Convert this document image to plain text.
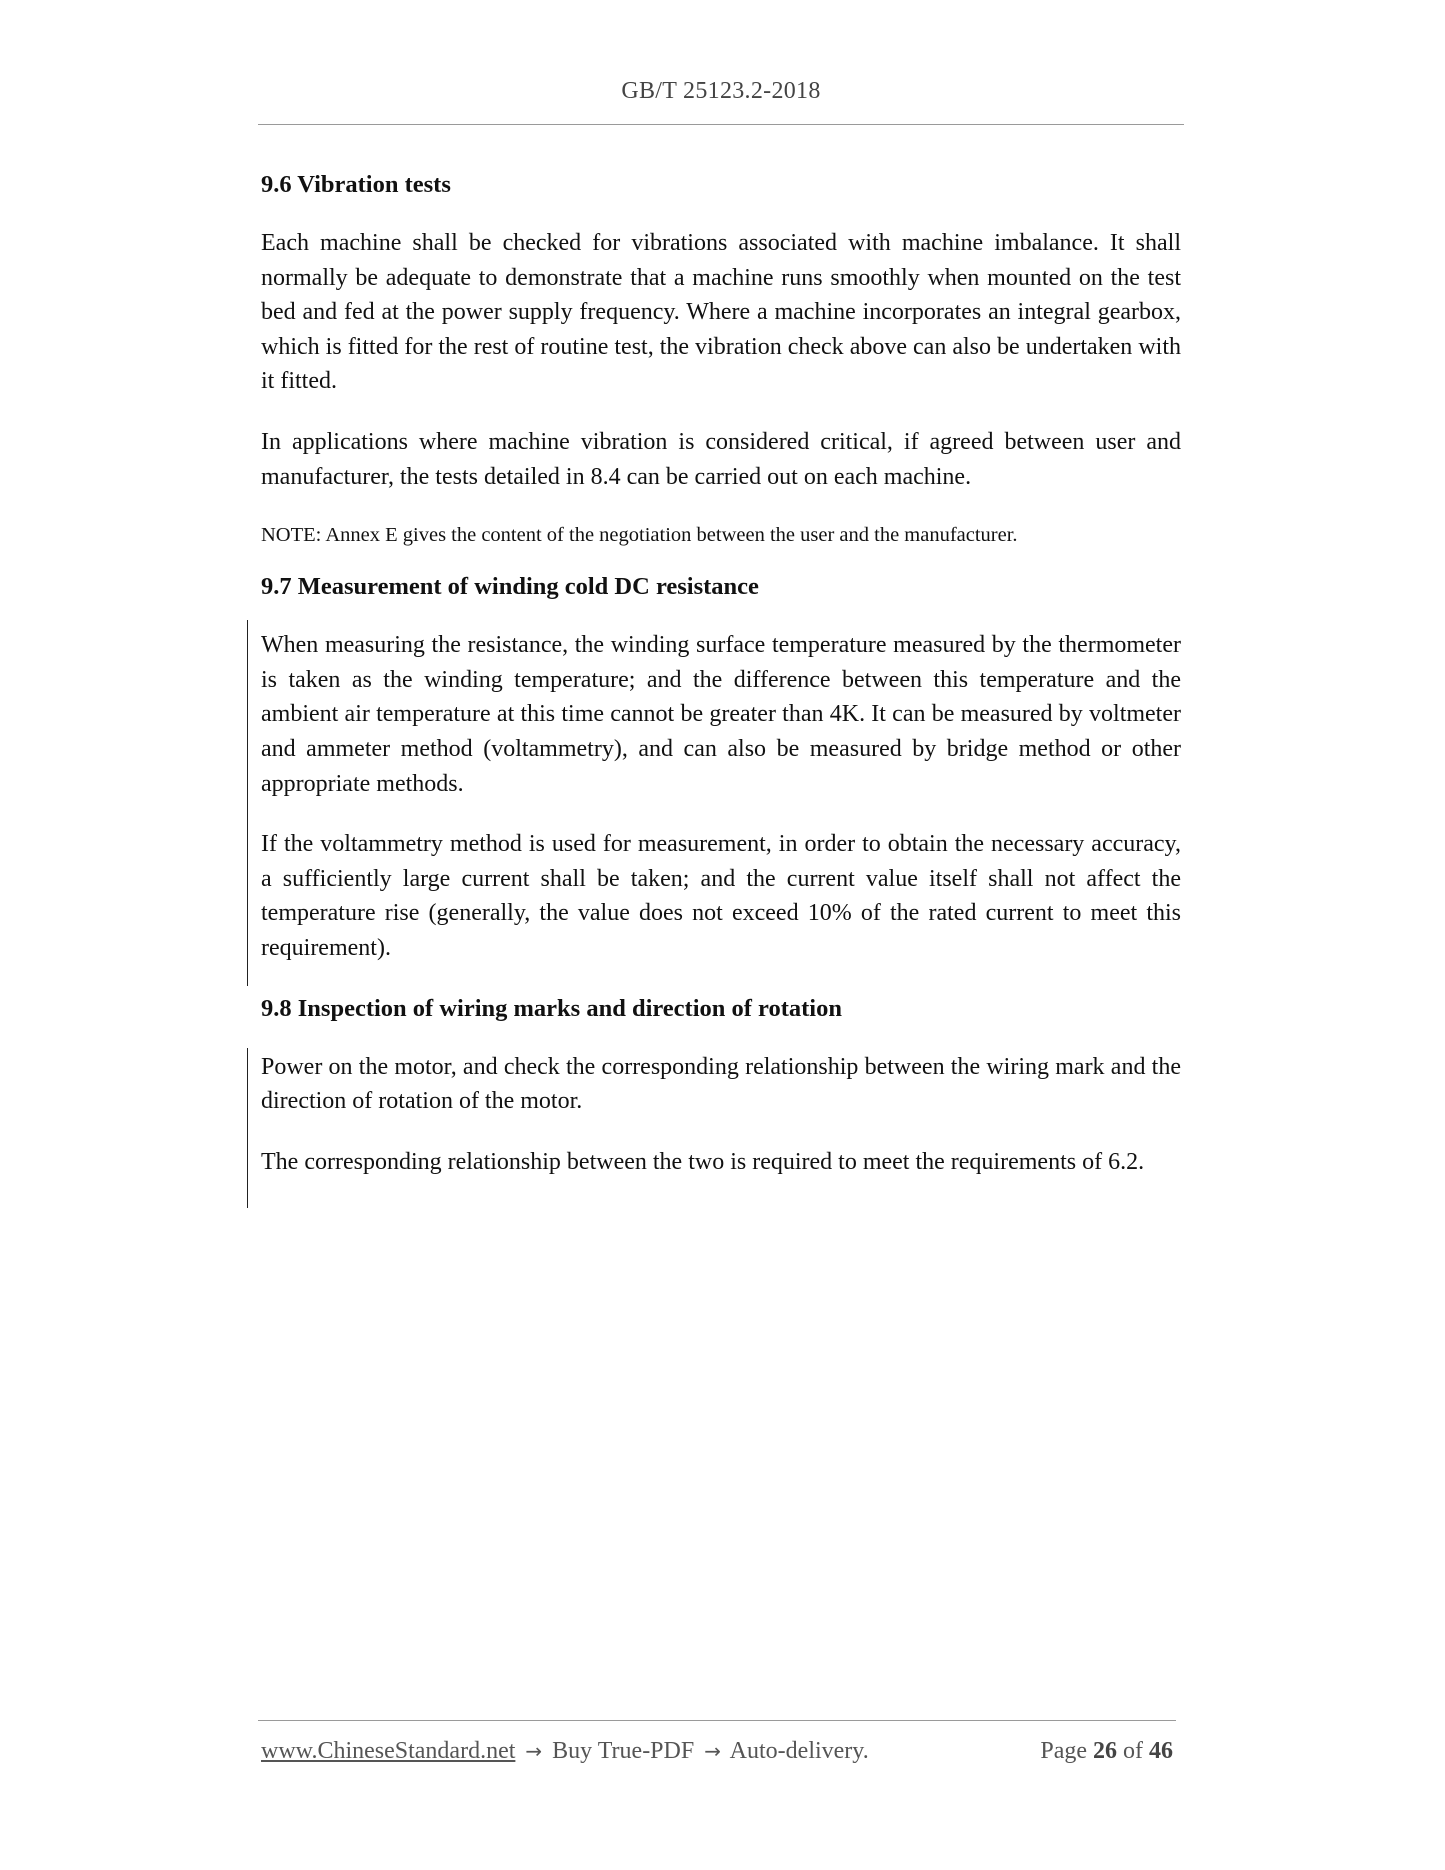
GB/T 25123.2-2018
9.6 Vibration tests

Each machine shall be checked for vibrations associated with machine imbalance. It shall normally be adequate to demonstrate that a machine runs smoothly when mounted on the test bed and fed at the power supply frequency. Where a machine incorporates an integral gearbox, which is fitted for the rest of routine test, the vibration check above can also be undertaken with it fitted.

In applications where machine vibration is considered critical, if agreed between user and manufacturer, the tests detailed in 8.4 can be carried out on each machine.

NOTE: Annex E gives the content of the negotiation between the user and the manufacturer.

9.7 Measurement of winding cold DC resistance

When measuring the resistance, the winding surface temperature measured by the thermometer is taken as the winding temperature; and the difference between this temperature and the ambient air temperature at this time cannot be greater than 4K. It can be measured by voltmeter and ammeter method (voltammetry), and can also be measured by bridge method or other appropriate methods.

If the voltammetry method is used for measurement, in order to obtain the necessary accuracy, a sufficiently large current shall be taken; and the current value itself shall not affect the temperature rise (generally, the value does not exceed 10% of the rated current to meet this requirement).

9.8 Inspection of wiring marks and direction of rotation

Power on the motor, and check the corresponding relationship between the wiring mark and the direction of rotation of the motor.

The corresponding relationship between the two is required to meet the requirements of 6.2.

www.ChineseStandard.net → Buy True-PDF → Auto-delivery.	Page 26 of 46
